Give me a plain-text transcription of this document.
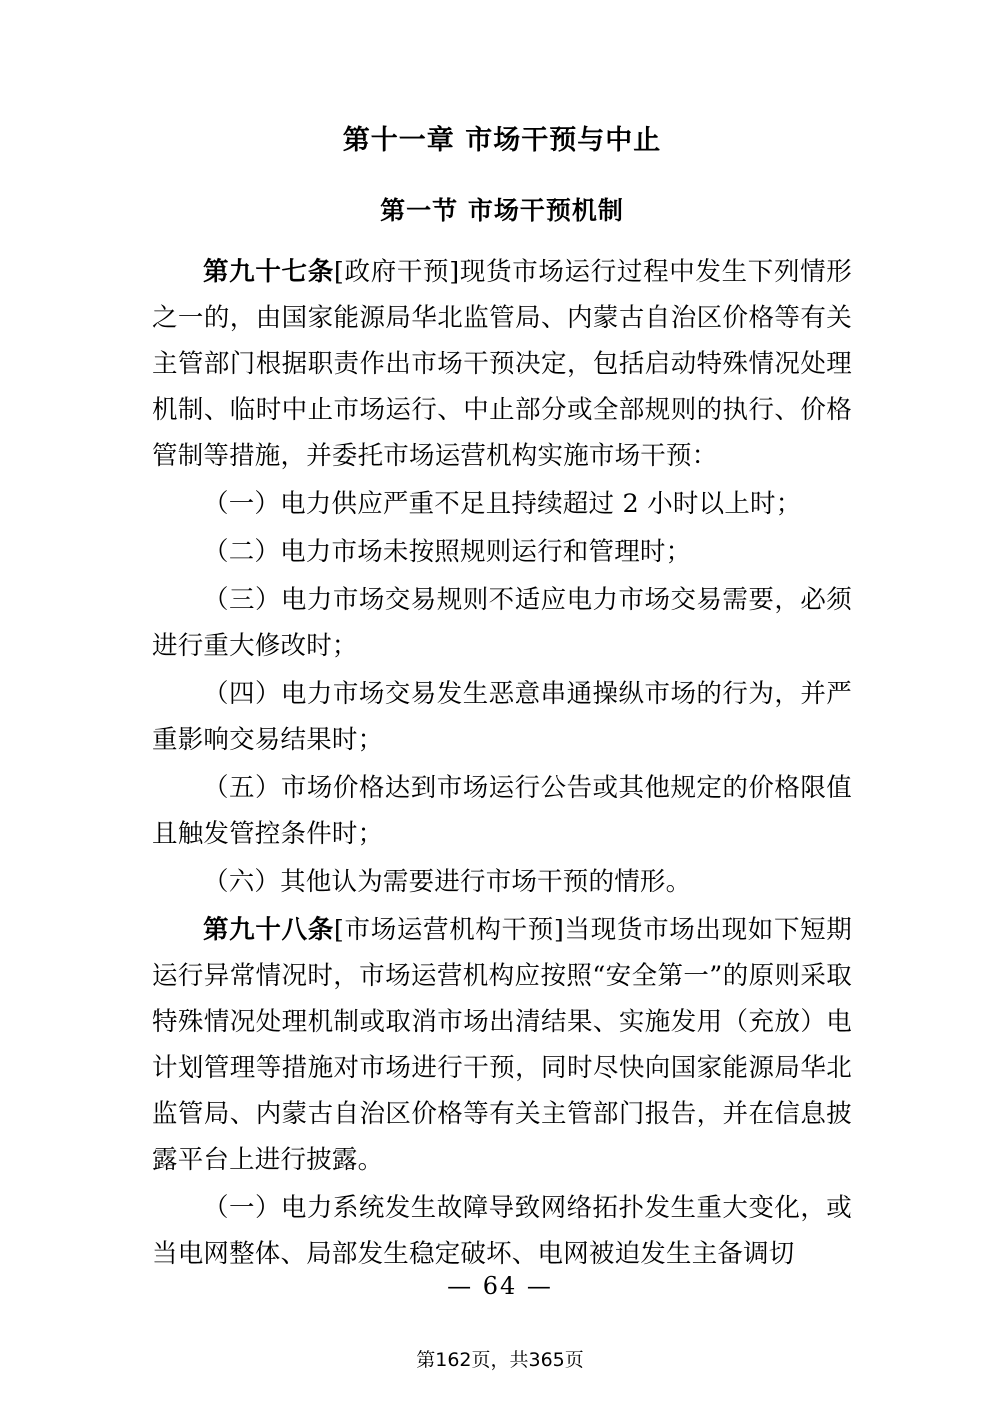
第十一章 市场干预与中止
第一节 市场干预机制

第九十七条[政府干预]现货市场运行过程中发生下列情形之一的，由国家能源局华北监管局、内蒙古自治区价格等有关主管部门根据职责作出市场干预决定，包括启动特殊情况处理机制、临时中止市场运行、中止部分或全部规则的执行、价格管制等措施，并委托市场运营机构实施市场干预：

（一）电力供应严重不足且持续超过 2 小时以上时；

（二）电力市场未按照规则运行和管理时；

（三）电力市场交易规则不适应电力市场交易需要，必须进行重大修改时；

（四）电力市场交易发生恶意串通操纵市场的行为，并严重影响交易结果时；

（五）市场价格达到市场运行公告或其他规定的价格限值且触发管控条件时；

（六）其他认为需要进行市场干预的情形。

第九十八条[市场运营机构干预]当现货市场出现如下短期运行异常情况时，市场运营机构应按照“安全第一”的原则采取特殊情况处理机制或取消市场出清结果、实施发用（充放）电计划管理等措施对市场进行干预，同时尽快向国家能源局华北监管局、内蒙古自治区价格等有关主管部门报告，并在信息披露平台上进行披露。

（一）电力系统发生故障导致网络拓扑发生重大变化，或当电网整体、局部发生稳定破坏、电网被迫发生主备调切

— 64 —
第162页，共365页
